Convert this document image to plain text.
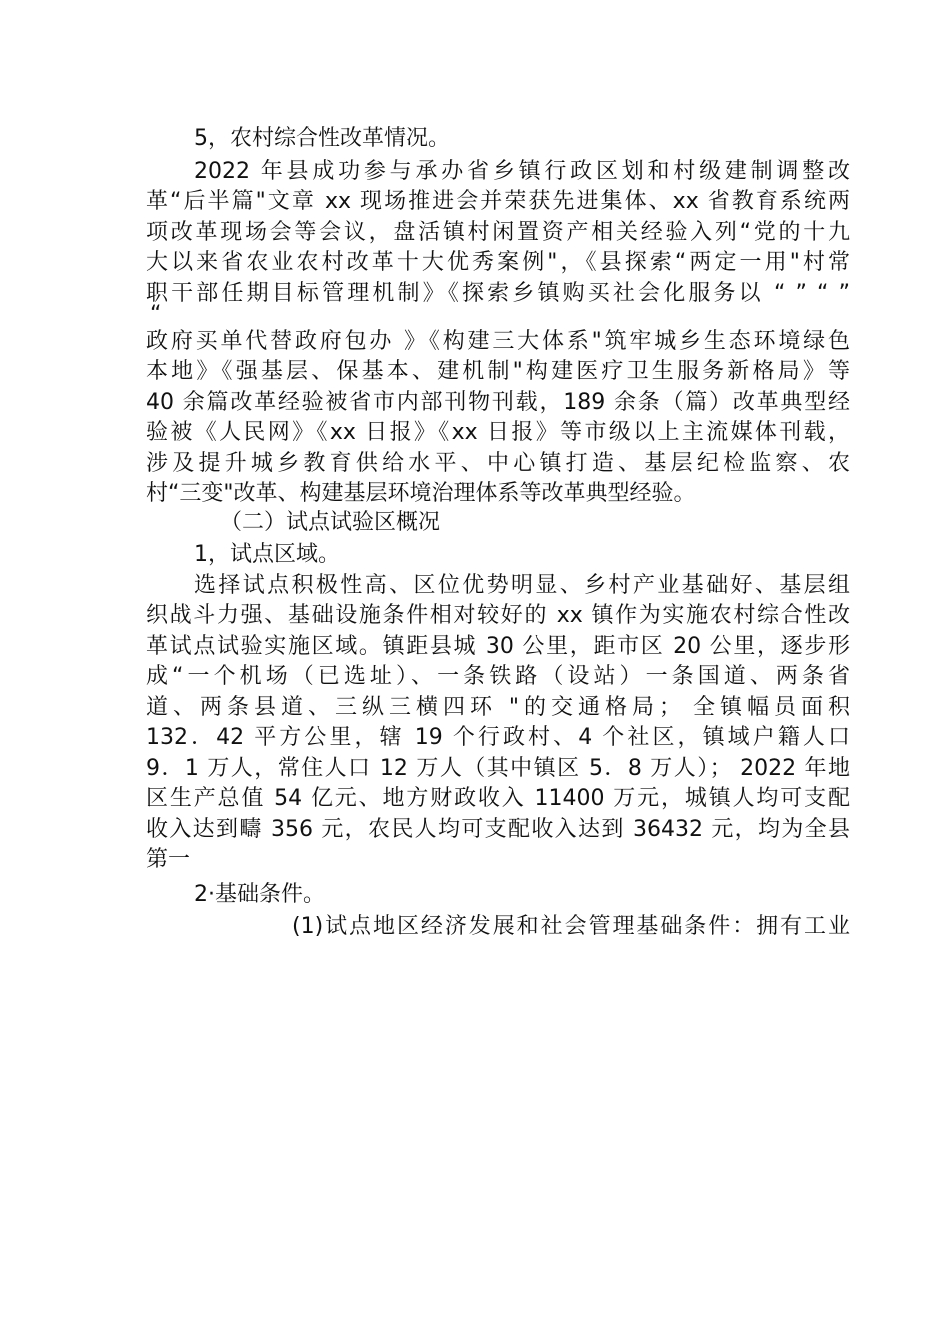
5，农村综合性改革情况。
2022 年县成功参与承办省乡镇行政区划和村级建制调整改
革“后半篇"文章 xx 现场推进会并荣获先进集体、xx 省教育系统两
项改革现场会等会议，盘活镇村闲置资产相关经验入列“党的十九
大以来省农业农村改革十大优秀案例"，《县探索“两定一用"村常
职干部任期目标管理机制》《探索乡镇购买社会化服务以 “ ” “ ”
“
政府买单代替政府包办 》《构建三大体系"筑牢城乡生态环境绿色
本地》《强基层、保基本、建机制"构建医疗卫生服务新格局》等
40 余篇改革经验被省市内部刊物刊载，189 余条（篇）改革典型经
验被《人民网》《xx 日报》《xx 日报》等市级以上主流媒体刊载，
涉及提升城乡教育供给水平、中心镇打造、基层纪检监察、农
村“三变"改革、构建基层环境治理体系等改革典型经验。
（二）试点试验区概况
1，试点区域。
选择试点积极性高、区位优势明显、乡村产业基础好、基层组
织战斗力强、基础设施条件相对较好的 xx 镇作为实施农村综合性改
革试点试验实施区域。镇距县城 30 公里，距市区 20 公里，逐步形
成“一个机场（已选址）、一条铁路（设站）一条国道、两条省
道、两条县道、三纵三横四环 "的交通格局； 全镇幅员面积
132．42 平方公里，辖 19 个行政村、4 个社区，镇域户籍人口
9．1 万人，常住人口 12 万人（其中镇区 5．8 万人）； 2022 年地
区生产总值 54 亿元、地方财政收入 11400 万元，城镇人均可支配
收入达到疇 356 元，农民人均可支配收入达到 36432 元，均为全县
第一
2·基础条件。
(1)试点地区经济发展和社会管理基础条件：拥有工业
